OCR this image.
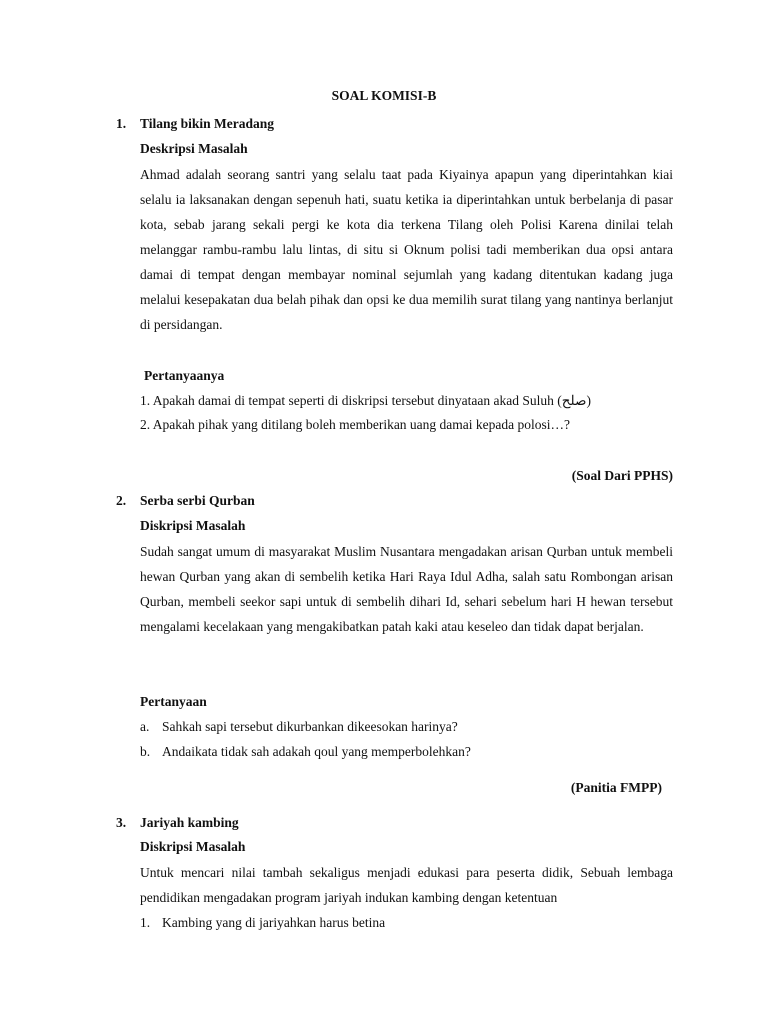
SOAL KOMISI-B
1. Tilang bikin Meradang
Deskripsi Masalah

Ahmad adalah seorang santri yang selalu taat pada Kiyainya apapun yang diperintahkan kiai selalu ia laksanakan dengan sepenuh hati, suatu ketika ia diperintahkan untuk berbelanja di pasar kota, sebab jarang sekali pergi ke kota dia terkena Tilang oleh Polisi Karena dinilai telah melanggar rambu-rambu lalu lintas, di situ si Oknum polisi tadi memberikan dua opsi antara damai di tempat dengan membayar nominal sejumlah yang kadang ditentukan kadang juga melalui kesepakatan dua belah pihak dan opsi ke dua memilih surat tilang yang nantinya berlanjut di persidangan.

Pertanyaanya
1. Apakah damai di tempat seperti di diskripsi tersebut dinyataan akad Suluh (صلح)
2. Apakah pihak yang ditilang boleh memberikan uang damai kepada polosi…?
(Soal Dari PPHS)
2. Serba serbi Qurban
Diskripsi Masalah

Sudah sangat umum di masyarakat Muslim Nusantara mengadakan arisan Qurban untuk membeli hewan Qurban yang akan di sembelih ketika Hari Raya Idul Adha, salah satu Rombongan arisan Qurban, membeli seekor sapi untuk di sembelih dihari Id, sehari sebelum hari H hewan tersebut mengalami kecelakaan yang mengakibatkan patah kaki atau keseleo dan tidak dapat berjalan.

Pertanyaan
a. Sahkah sapi tersebut dikurbankan dikeesokan harinya?
b. Andaikata tidak sah adakah qoul yang memperbolehkan?
(Panitia FMPP)
3. Jariyah kambing
Diskripsi Masalah

Untuk mencari nilai tambah sekaligus menjadi edukasi para peserta didik, Sebuah lembaga pendidikan mengadakan program jariyah indukan kambing dengan ketentuan

1. Kambing yang di jariyahkan harus betina
